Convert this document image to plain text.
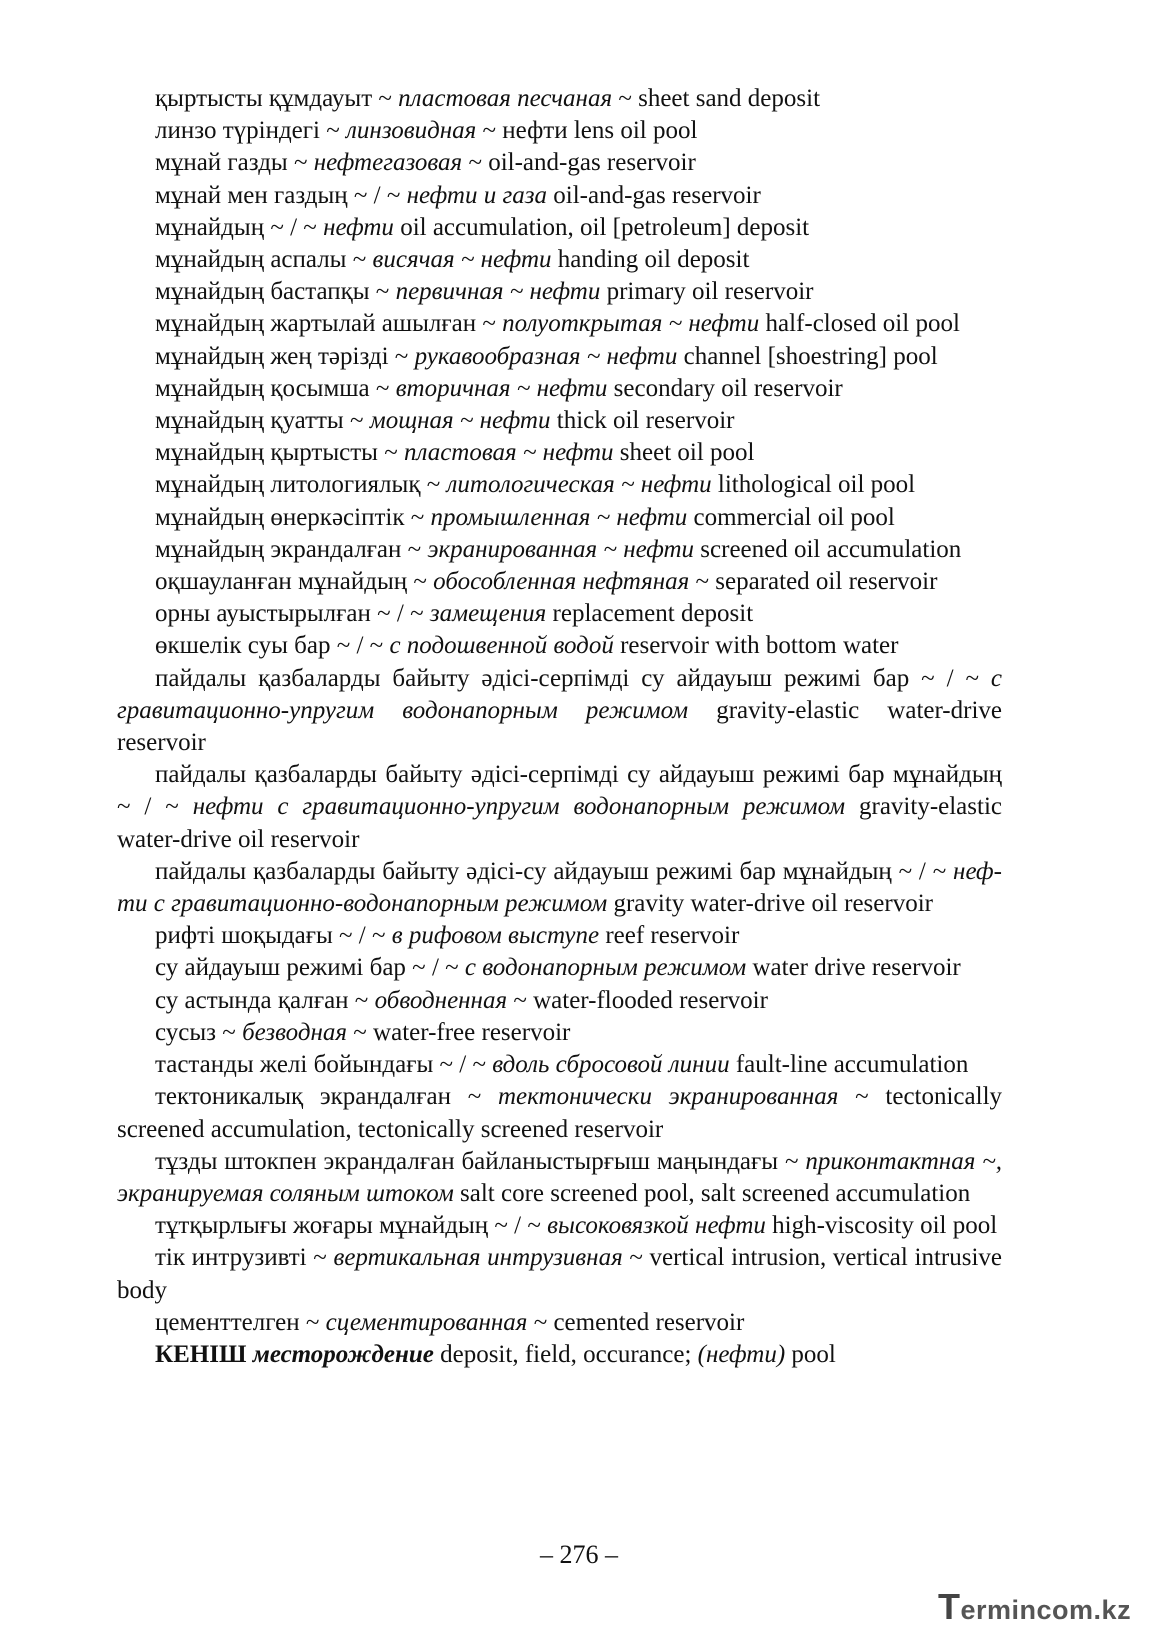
қыртысты құмдауыт ~ пластовая песчаная ~ sheet sand deposit

линзо түріндегі ~ линзовидная ~ нефти lens oil pool

мұнай газды ~ нефтегазовая ~ oil-and-gas reservoir

мұнай мен газдың ~ / ~ нефти и газа oil-and-gas reservoir

мұнайдың ~ / ~ нефти oil accumulation, oil [petroleum] deposit

мұнайдың аспалы ~ висячая ~ нефти handing oil deposit

мұнайдың бастапқы ~ первичная ~ нефти primary oil reservoir

мұнайдың жартылай ашылған ~ полуоткрытая ~ нефти half-closed oil pool

мұнайдың жең тәрізді ~ рукавообразная ~ нефти channel [shoestring] pool

мұнайдың қосымша ~ вторичная ~ нефти secondary oil reservoir

мұнайдың қуатты ~ мощная ~ нефти thick oil reservoir

мұнайдың қыртысты ~ пластовая ~ нефти sheet oil pool

мұнайдың литологиялық ~ литологическая ~ нефти lithological oil pool

мұнайдың өнеркәсіптік ~ промышленная ~ нефти commercial oil pool

мұнайдың экрандалған ~ экранированная ~ нефти screened oil accumulation

оқшауланған мұнайдың ~ обособленная нефтяная ~ separated oil reservoir

орны ауыстырылған ~ / ~ замещения replacement deposit

өкшелік суы бар ~ / ~ с подошвенной водой reservoir with bottom water

пайдалы қазбаларды байыту әдісі-серпімді су айдауыш режимі бар ~ / ~ с гравитационно-упругим водонапорным режимом gravity-elastic water-drive reservoir

пайдалы қазбаларды байыту әдісі-серпімді су айдауыш режимі бар мұнайдың ~ / ~ нефти с гравитационно-упругим водонапорным режимом gravity-elastic water-drive oil reservoir

пайдалы қазбаларды байыту әдісі-су айдауыш режимі бар мұнайдың ~ / ~ нефти с гравитационно-водонапорным режимом gravity water-drive oil reservoir

рифті шоқыдағы ~ / ~ в рифовом выступе reef reservoir

су айдауыш режимі бар ~ / ~ с водонапорным режимом water drive reservoir

су астында қалған ~ обводненная ~ water-flooded reservoir

сусыз ~ безводная ~ water-free reservoir

тастанды желі бойындағы ~ / ~ вдоль сбросовой линии fault-line accumulation

тектоникалық экрандалған ~ тектонически экранированная ~ tectonically screened accumulation, tectonically screened reservoir

тұзды штокпен экрандалған байланыстырғыш маңындағы ~ приконтактная ~, экранируемая соляным штоком salt core screened pool, salt screened accumulation

тұтқырлығы жоғары мұнайдың ~ / ~ высоковязкой нефти high-viscosity oil pool

тік интрузивті ~ вертикальная интрузивная ~ vertical intrusion, vertical intrusive body

цементтелген ~ сцементированная ~ cemented reservoir

КЕНІШ месторождение deposit, field, occurance; (нефти) pool

– 276 –
Termincom.kz
